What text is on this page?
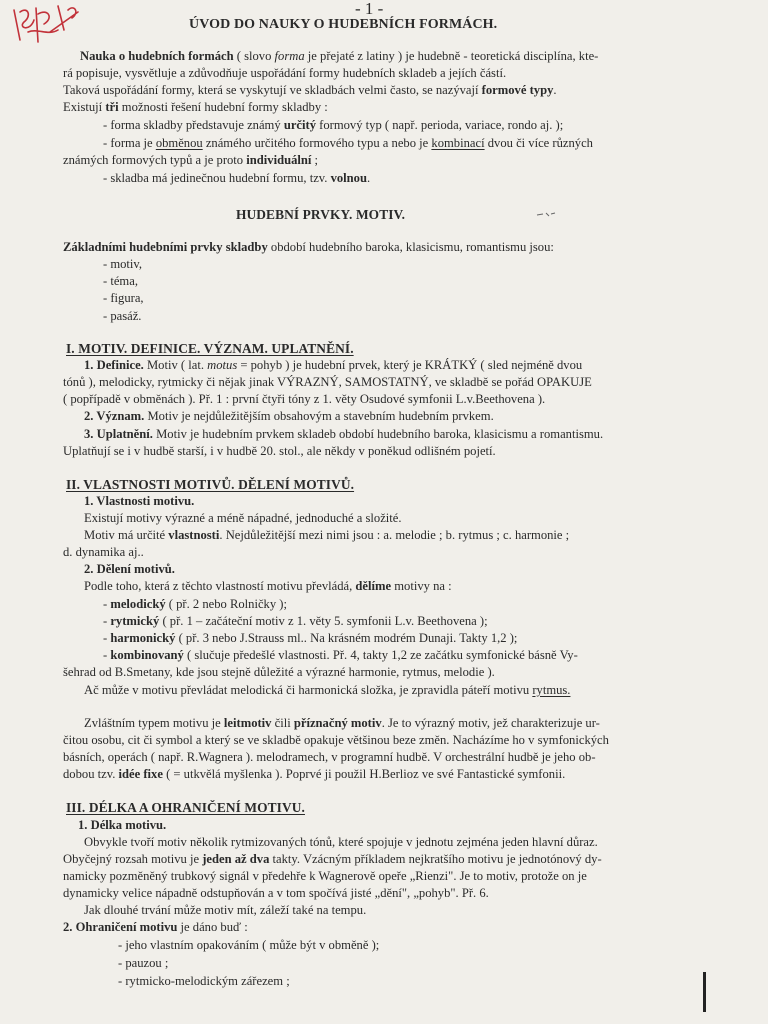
- 1 -
ÚVOD DO NAUKY O HUDEBNÍCH FORMÁCH.
Nauka o hudebních formách ( slovo forma je přejaté z latiny ) je hudebně - teoretická disciplína, kte-
rá popisuje, vysvětluje a zdůvodňuje uspořádání formy hudebních skladeb a jejích částí.
Taková uspořádání formy, která se vyskytují ve skladbách velmi často, se nazývají formové typy.
Existují tři možnosti řešení hudební formy skladby :
- forma skladby představuje známý určitý formový typ ( např. perioda, variace, rondo aj. );
- forma je obměnou známého určitého formového typu a nebo je kombinací dvou či více různých
známých formových typů a je proto individuální ;
- skladba má jedinečnou hudební formu, tzv. volnou.
HUDEBNÍ PRVKY. MOTIV.
Základními hudebními prvky skladby období hudebního baroka, klasicismu, romantismu jsou:
- motiv,
- téma,
- figura,
- pasáž.
I. MOTIV. DEFINICE. VÝZNAM. UPLATNĚNÍ.
1. Definice. Motiv ( lat. motus = pohyb ) je hudební prvek, který je KRÁTKÝ ( sled nejméně dvou
tónů ), melodicky, rytmicky či nějak jinak VÝRAZNÝ, SAMOSTATNÝ, ve skladbě se pořád OPAKUJE
( popřípadě v obměnách ). Př. 1 : první čtyři tóny z 1. věty Osudové symfonii L.v.Beethovena ).
2. Význam. Motiv je nejdůležitějším obsahovým a stavebním hudebním prvkem.
3. Uplatnění. Motiv je hudebním prvkem skladeb období hudebního baroka, klasicismu a romantismu.
Uplatňují se i v hudbě starší, i v hudbě 20. stol., ale někdy v poněkud odlišném pojetí.
II. VLASTNOSTI MOTIVŮ. DĚLENÍ MOTIVŮ.
1. Vlastnosti motivu.
Existují motivy výrazné a méně nápadné, jednoduché a složité.
Motiv má určité vlastnosti. Nejdůležitější mezi nimi jsou : a. melodie ; b. rytmus ; c. harmonie ;
d. dynamika aj..
2. Dělení motivů.
Podle toho, která z těchto vlastností motivu převládá, dělíme motivy na :
- melodický ( př. 2 nebo Rolničky );
- rytmický ( př. 1 – začáteční motiv z 1. věty 5. symfonii L.v. Beethovena );
- harmonický ( př. 3 nebo J.Strauss ml.. Na krásném modrém Dunaji. Takty 1,2 );
- kombinovaný ( slučuje předešlé vlastnosti. Př. 4, takty 1,2 ze začátku symfonické básně Vy-
šehrad od B.Smetany, kde jsou stejně důležité a výrazné harmonie, rytmus, melodie ).
Ač může v motivu převládat melodická či harmonická složka, je zpravidla páteří motivu rytmus.
Zvláštním typem motivu je leitmotiv čili příznačný motiv. Je to výrazný motiv, jež charakterizuje ur-
čitou osobu, cit či symbol a který se ve skladbě opakuje většinou beze změn. Nacházíme ho v symfonických
básních, operách ( např. R.Wagnera ). melodramech, v programní hudbě. V orchestrální hudbě je jeho ob-
dobou tzv. idée fixe ( = utkvělá myšlenka ). Poprvé ji použil H.Berlioz ve své Fantastické symfonii.
III. DÉLKA A OHRANIČENÍ MOTIVU.
1. Délka motivu.
Obvykle tvoří motiv několik rytmizovaných tónů, které spojuje v jednotu zejména jeden hlavní důraz.
Obyčejný rozsah motivu je jeden až dva takty. Vzácným příkladem nejkratšího motivu je jednotónový dy-
namicky pozměněný trubkový signál v předehře k Wagnerově opeře „Rienzi". Je to motiv, protože on je
dynamicky velice nápadně odstupňován a v tom spočívá jisté „dění", „pohyb". Př. 6.
Jak dlouhé trvání může motiv mít, záleží také na tempu.
2. Ohraničení motivu je dáno buď :
- jeho vlastním opakováním ( může být v obměně );
- pauzou ;
- rytmicko-melodickým zářezem ;
